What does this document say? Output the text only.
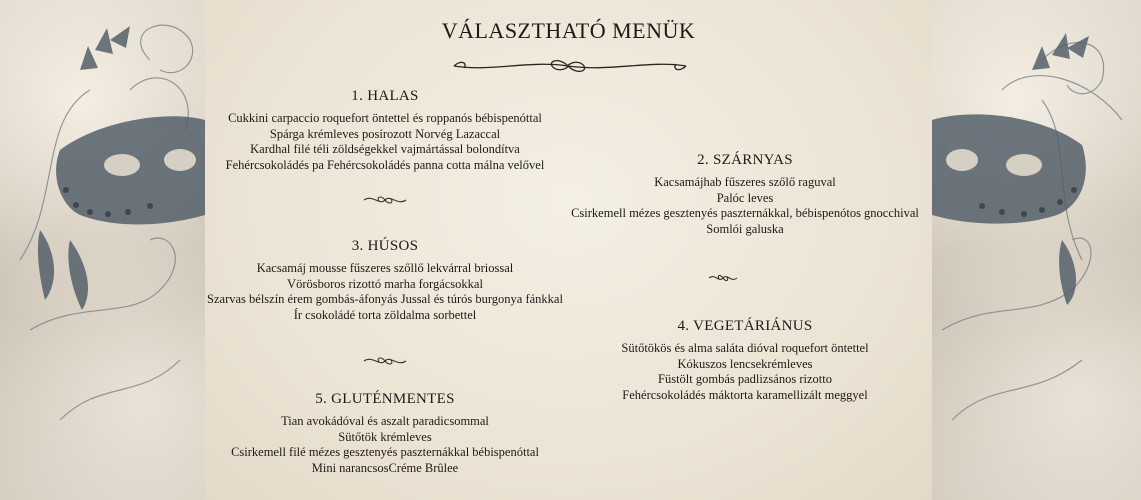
VÁLASZTHATÓ MENÜK
1. HALAS
Cukkini carpaccio roquefort öntettel és roppanós bébispenóttal
Spárga krémleves posírozott Norvég Lazaccal
Kardhal filé téli zöldségekkel vajmártással bolondítva
Fehércsokoládés pa Fehércsokoládés panna cotta málna velővel	2. SZÁRNYAS
Kacsamájhab fűszeres szőlő raguval
Palóc leves
Csirkemell mézes gesztenyés paszternákkal, bébispenótos gnocchival
Somlói galuska
3. HÚSOS
Kacsamáj mousse fűszeres szőllő lekvárral briossal
Vörösboros rizottó marha forgácsokkal
Szarvas bélszín érem gombás-áfonyás Jussal és túrós burgonya fánkkal
Ír csokoládé torta zöldalma sorbettel
4. VEGETÁRIÁNUS
Sütőtökös és alma saláta dióval roquefort öntettel
Kókuszos lencsekrémleves
Füstölt gombás padlizsános rizotto
Fehércsokoládés máktorta karamellizált meggyel
5. GLUTÉNMENTES
Tian avokádóval és aszalt paradicsommal
Sütőtök krémleves
Csirkemell filé mézes gesztenyés paszternákkal bébispenóttal
Mini narancsosCréme Brûlee
